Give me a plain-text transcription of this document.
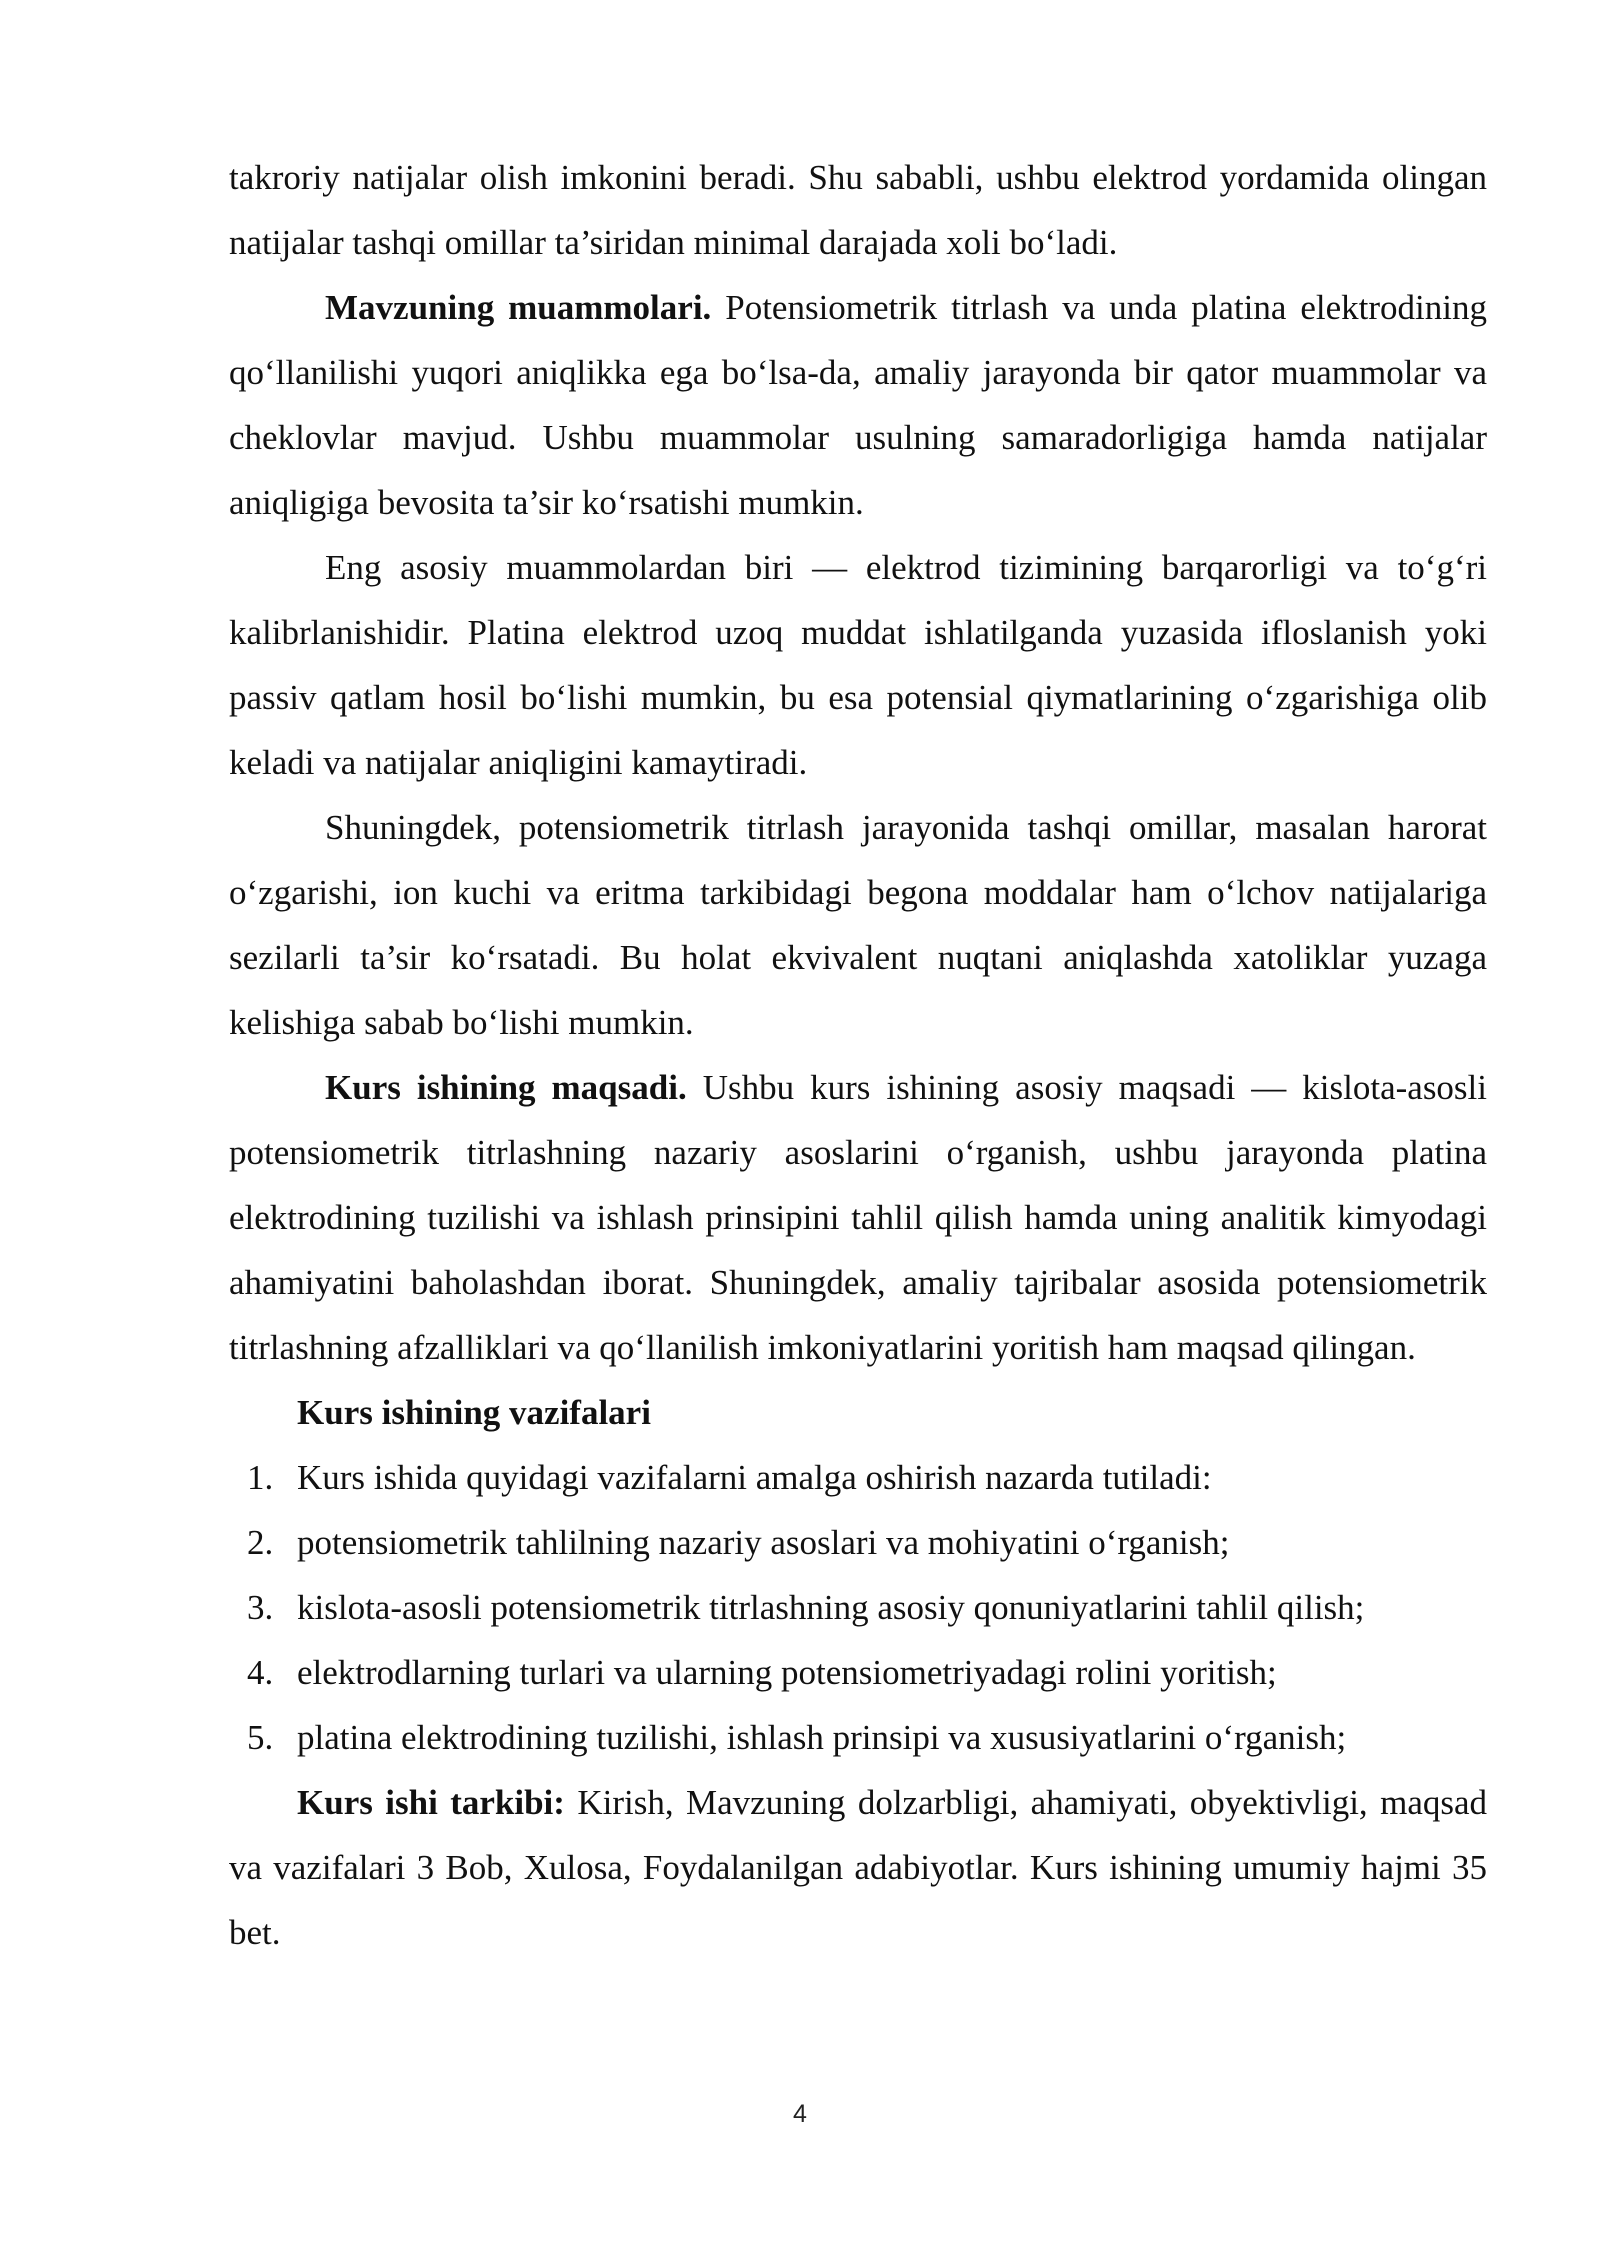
takroriy natijalar olish imkonini beradi. Shu sababli, ushbu elektrod yordamida olingan natijalar tashqi omillar ta’siridan minimal darajada xoli bo‘ladi.

Mavzuning muammolari. Potensiometrik titrlash va unda platina elektrodining qo‘llanilishi yuqori aniqlikka ega bo‘lsa-da, amaliy jarayonda bir qator muammolar va cheklovlar mavjud. Ushbu muammolar usulning samaradorligiga hamda natijalar aniqligiga bevosita ta’sir ko‘rsatishi mumkin.

Eng asosiy muammolardan biri — elektrod tizimining barqarorligi va to‘g‘ri kalibrlanishidir. Platina elektrod uzoq muddat ishlatilganda yuzasida ifloslanish yoki passiv qatlam hosil bo‘lishi mumkin, bu esa potensial qiymatlarining o‘zgarishiga olib keladi va natijalar aniqligini kamaytiradi.

Shuningdek, potensiometrik titrlash jarayonida tashqi omillar, masalan harorat o‘zgarishi, ion kuchi va eritma tarkibidagi begona moddalar ham o‘lchov natijalariga sezilarli ta’sir ko‘rsatadi. Bu holat ekvivalent nuqtani aniqlashda xatoliklar yuzaga kelishiga sabab bo‘lishi mumkin.

Kurs ishining maqsadi. Ushbu kurs ishining asosiy maqsadi — kislota-asosli potensiometrik titrlashning nazariy asoslarini o‘rganish, ushbu jarayonda platina elektrodining tuzilishi va ishlash prinsipini tahlil qilish hamda uning analitik kimyodagi ahamiyatini baholashdan iborat. Shuningdek, amaliy tajribalar asosida potensiometrik titrlashning afzalliklari va qo‘llanilish imkoniyatlarini yoritish ham maqsad qilingan.

Kurs ishining vazifalari

1. Kurs ishida quyidagi vazifalarni amalga oshirish nazarda tutiladi:
2. potensiometrik tahlilning nazariy asoslari va mohiyatini o‘rganish;
3. kislota-asosli potensiometrik titrlashning asosiy qonuniyatlarini tahlil qilish;
4. elektrodlarning turlari va ularning potensiometriyadagi rolini yoritish;
5. platina elektrodining tuzilishi, ishlash prinsipi va xususiyatlarini o‘rganish;

Kurs ishi tarkibi: Kirish, Mavzuning dolzarbligi, ahamiyati, obyektivligi, maqsad va vazifalari 3 Bob, Xulosa, Foydalanilgan adabiyotlar. Kurs ishining umumiy hajmi 35 bet.

4
